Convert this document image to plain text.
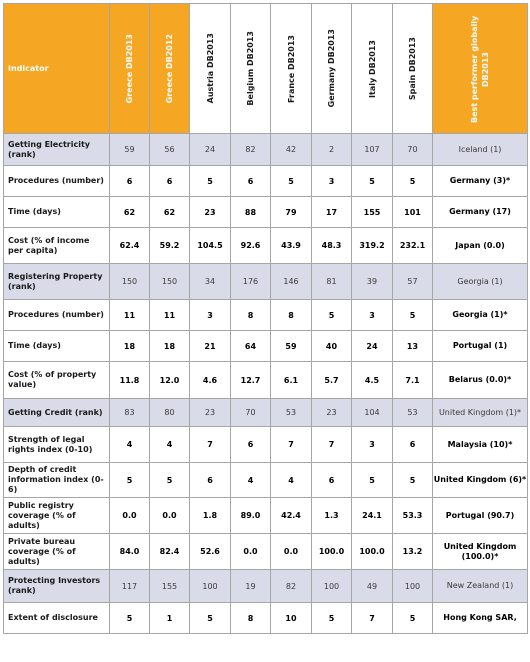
Indicator	Greece DB2013	Greece DB2012	Austria DB2013	Belgium DB2013	France DB2013	Germany DB2013	Italy DB2013	Spain DB2013	Best performer globally DB2013

Getting Electricity (rank)	59	56	24	82	42	2	107	70	Iceland (1)
Procedures (number)	6	6	5	6	5	3	5	5	Germany (3)*
Time (days)	62	62	23	88	79	17	155	101	Germany (17)
Cost (% of income per capita)	62.4	59.2	104.5	92.6	43.9	48.3	319.2	232.1	Japan (0.0)
Registering Property (rank)	150	150	34	176	146	81	39	57	Georgia (1)
Procedures (number)	11	11	3	8	8	5	3	5	Georgia (1)*
Time (days)	18	18	21	64	59	40	24	13	Portugal (1)
Cost (% of property value)	11.8	12.0	4.6	12.7	6.1	5.7	4.5	7.1	Belarus (0.0)*
Getting Credit (rank)	83	80	23	70	53	23	104	53	United Kingdom (1)*
Strength of legal rights index (0-10)	4	4	7	6	7	7	3	6	Malaysia (10)*
Depth of credit information index (0-6)	5	5	6	4	4	6	5	5	United Kingdom (6)*
Public registry coverage (% of adults)	0.0	0.0	1.8	89.0	42.4	1.3	24.1	53.3	Portugal (90.7)
Private bureau coverage (% of adults)	84.0	82.4	52.6	0.0	0.0	100.0	100.0	13.2	United Kingdom (100.0)*
Protecting Investors (rank)	117	155	100	19	82	100	49	100	New Zealand (1)
Extent of disclosure	5	1	5	8	10	5	7	5	Hong Kong SAR,
